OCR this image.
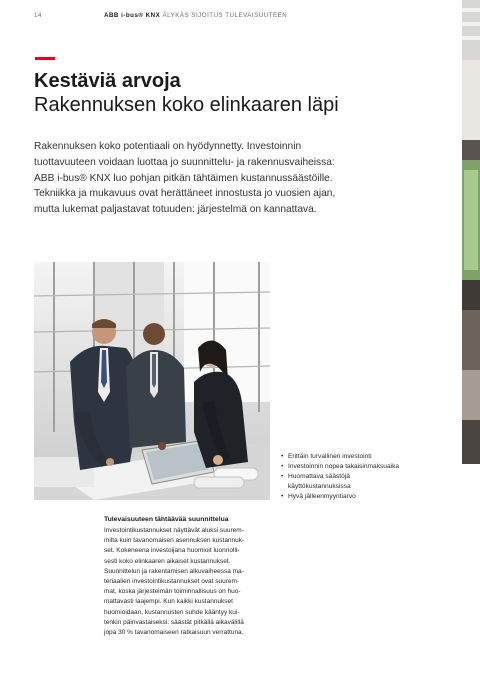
14	ABB i-bus® KNX ÄLYKÄS SIJOITUS TULEVAISUUTEEN
Kestäviä arvoja
Rakennuksen koko elinkaaren läpi

Rakennuksen koko potentiaali on hyödynnetty. Investoinnin
tuottavuuteen voidaan luottaa jo suunnittelu- ja rakennusvaiheissa:
ABB i-bus® KNX luo pohjan pitkän tähtäimen kustannussäästöille.
Tekniikka ja mukavuus ovat herättäneet innostusta jo vuosien ajan,
mutta lukemat paljastavat totuuden: järjestelmä on kannattava.

• Erittäin turvallinen investointi
• Investoinnin nopea takaisinmaksuaika
• Huomattava säästöjä
käyttökustannuksissa
• Hyvä jälleenmyyntiarvo
Tulevaisuuteen tähtäävää suunnittelua

Investointikustannukset näyttävät aluksi suurem-
milta kuin tavanomaisen asennuksen kustannuk-
set. Kokeneena investoijana huomioit luonnolli-
sesti koko elinkaaren aikaiset kustannukset.
Suunnittelun ja rakentamisen alkuvaiheessa ma-
teriaalien investointikustannukset ovat suurem-
mat, koska järjestelmän toiminnallisuus on huo-
mattavasti laajempi. Kun kaikki kustannukset
huomioidaan, kustannusten suhde kääntyy kui-
tenkin päinvastaiseksi: säästät pitkällä aikavälillä
jopa 30 % tavanomaiseen ratkaisuun verrattuna.
